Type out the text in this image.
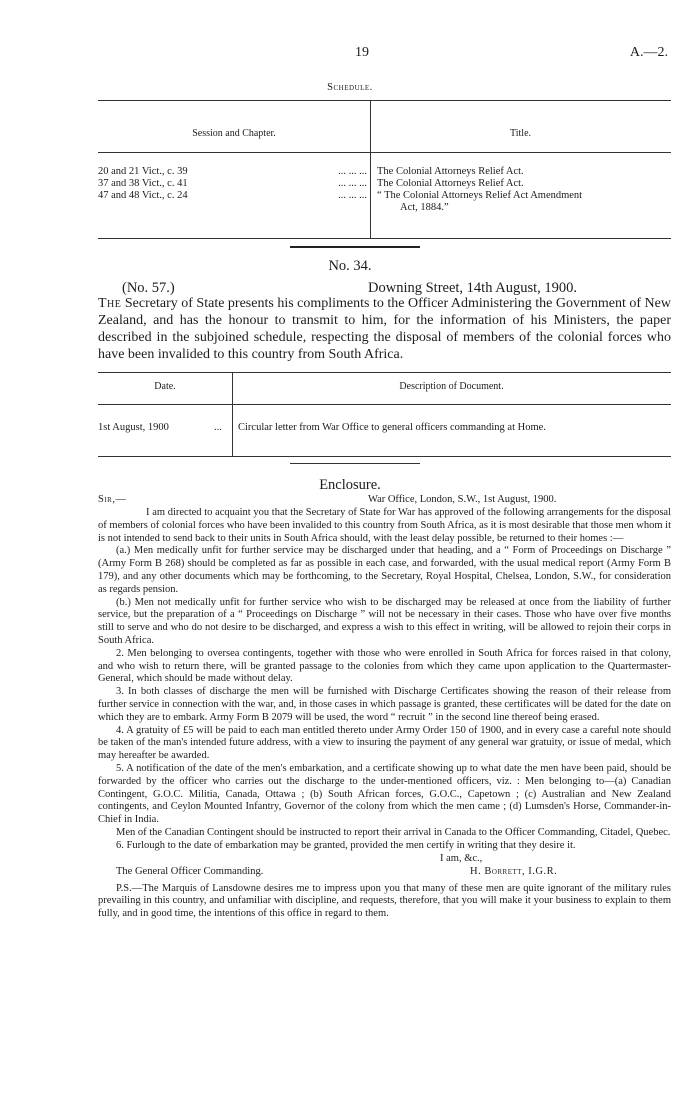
19	A.—2.
Schedule.
Session and Chapter.	Title.
20 and 21 Vict., c. 39	... ... ... The Colonial Attorneys Relief Act.
37 and 38 Vict., c. 41	... ... ... The Colonial Attorneys Relief Act.
47 and 48 Vict., c. 24	... ... ... “ The Colonial Attorneys Relief Act Amendment
Act, 1884.”
No. 34.
(No. 57.)	Downing Street, 14th August, 1900.
The Secretary of State presents his compliments to the Officer Administering the Government of New Zealand, and has the honour to transmit to him, for the information of his Ministers, the paper described in the subjoined schedule, respecting the disposal of members of the colonial forces who have been invalided to this country from South Africa.
Date.	Description of Document.
1st August, 1900	... Circular letter from War Office to general officers commanding at Home.
Enclosure.
Sir,—	War Office, London, S.W., 1st August, 1900.

I am directed to acquaint you that the Secretary of State for War has approved of the following arrangements for the disposal of members of colonial forces who have been invalided to this country from South Africa, as it is most desirable that those men whom it is not intended to send back to their units in South Africa should, with the least delay possible, be returned to their homes :—

(a.) Men medically unfit for further service may be discharged under that heading, and a “ Form of Proceedings on Discharge ” (Army Form B 268) should be completed as far as possible in each case, and forwarded, with the usual medical report (Army Form B 179), and any other documents which may be forthcoming, to the Secretary, Royal Hospital, Chelsea, London, S.W., for consideration as regards pension.

(b.) Men not medically unfit for further service who wish to be discharged may be released at once from the liability of further service, but the preparation of a “ Proceedings on Discharge ” will not be necessary in their cases. Those who have over five months still to serve and who do not desire to be discharged, and express a wish to this effect in writing, will be allowed to rejoin their corps in South Africa.

2. Men belonging to oversea contingents, together with those who were enrolled in South Africa for forces raised in that colony, and who wish to return there, will be granted passage to the colonies from which they came upon application to the Quartermaster-General, which should be made without delay.

3. In both classes of discharge the men will be furnished with Discharge Certificates showing the reason of their release from further service in connection with the war, and, in those cases in which passage is granted, these certificates will be dated for the date on which they are to embark. Army Form B 2079 will be used, the word “ recruit ” in the second line thereof being erased.

4. A gratuity of £5 will be paid to each man entitled thereto under Army Order 150 of 1900, and in every case a careful note should be taken of the man's intended future address, with a view to insuring the payment of any general war gratuity, or issue of medal, which may hereafter be awarded.

5. A notification of the date of the men's embarkation, and a certificate showing up to what date the men have been paid, should be forwarded by the officer who carries out the discharge to the under-mentioned officers, viz. : Men belonging to—(a) Canadian Contingent, G.O.C. Militia, Canada, Ottawa ; (b) South African forces, G.O.C., Capetown ; (c) Australian and New Zealand contingents, and Ceylon Mounted Infantry, Governor of the colony from which the men came ; (d) Lumsden's Horse, Commander-in-Chief in India.

Men of the Canadian Contingent should be instructed to report their arrival in Canada to the Officer Commanding, Citadel, Quebec.

6. Furlough to the date of embarkation may be granted, provided the men certify in writing that they desire it.

I am, &c.,
The General Officer Commanding.	H. Borrett, I.G.R.

P.S.—The Marquis of Lansdowne desires me to impress upon you that many of these men are quite ignorant of the military rules prevailing in this country, and unfamiliar with discipline, and requests, therefore, that you will make it your business to explain to them fully, and in good time, the intentions of this office in regard to them.
